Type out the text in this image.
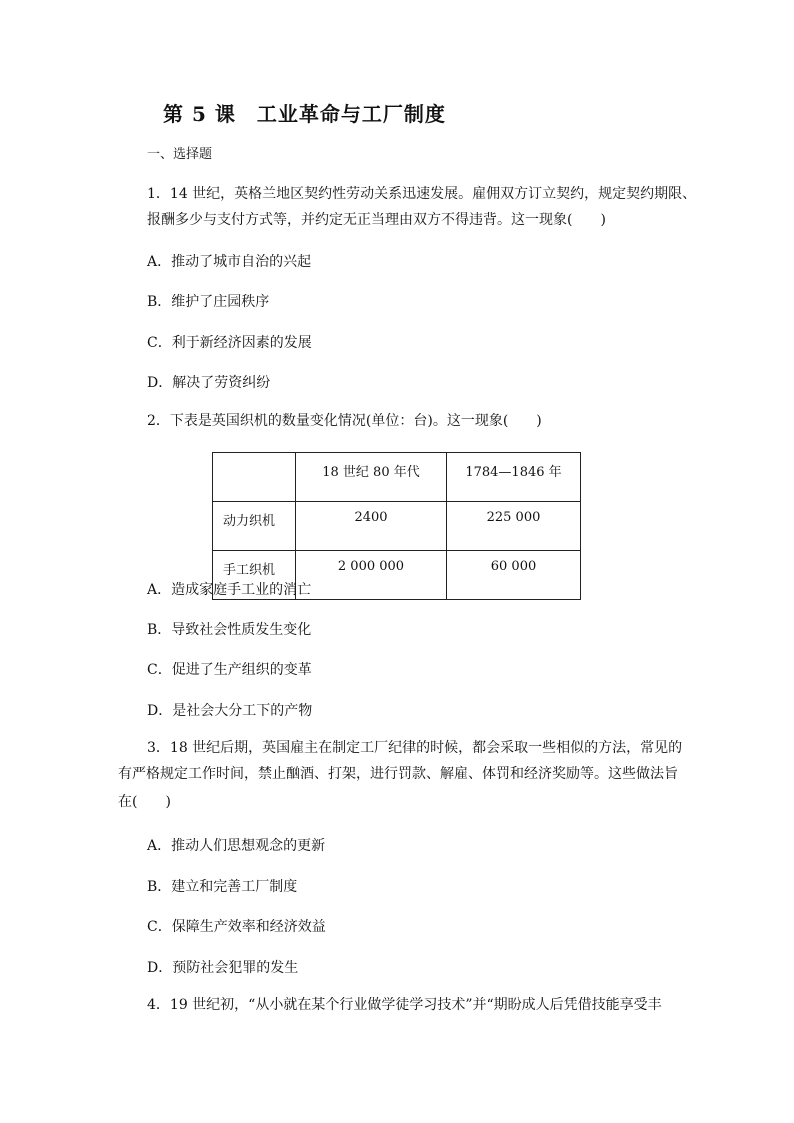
第 5 课　工业革命与工厂制度
一、选择题
1．14 世纪，英格兰地区契约性劳动关系迅速发展。雇佣双方订立契约，规定契约期限、
报酬多少与支付方式等，并约定无正当理由双方不得违背。这一现象(　　)
A．推动了城市自治的兴起
B．维护了庄园秩序
C．利于新经济因素的发展
D．解决了劳资纠纷
2．下表是英国织机的数量变化情况(单位：台)。这一现象(　　)
	18 世纪 80 年代	1784—1846 年
动力织机	2400	225 000
手工织机	2 000 000	60 000
A．造成家庭手工业的消亡
B．导致社会性质发生变化
C．促进了生产组织的变革
D．是社会大分工下的产物
3．18 世纪后期，英国雇主在制定工厂纪律的时候，都会采取一些相似的方法，常见的
有严格规定工作时间，禁止酗酒、打架，进行罚款、解雇、体罚和经济奖励等。这些做法旨
在(　　)
A．推动人们思想观念的更新
B．建立和完善工厂制度
C．保障生产效率和经济效益
D．预防社会犯罪的发生
4．19 世纪初，“从小就在某个行业做学徒学习技术”并“期盼成人后凭借技能享受丰
